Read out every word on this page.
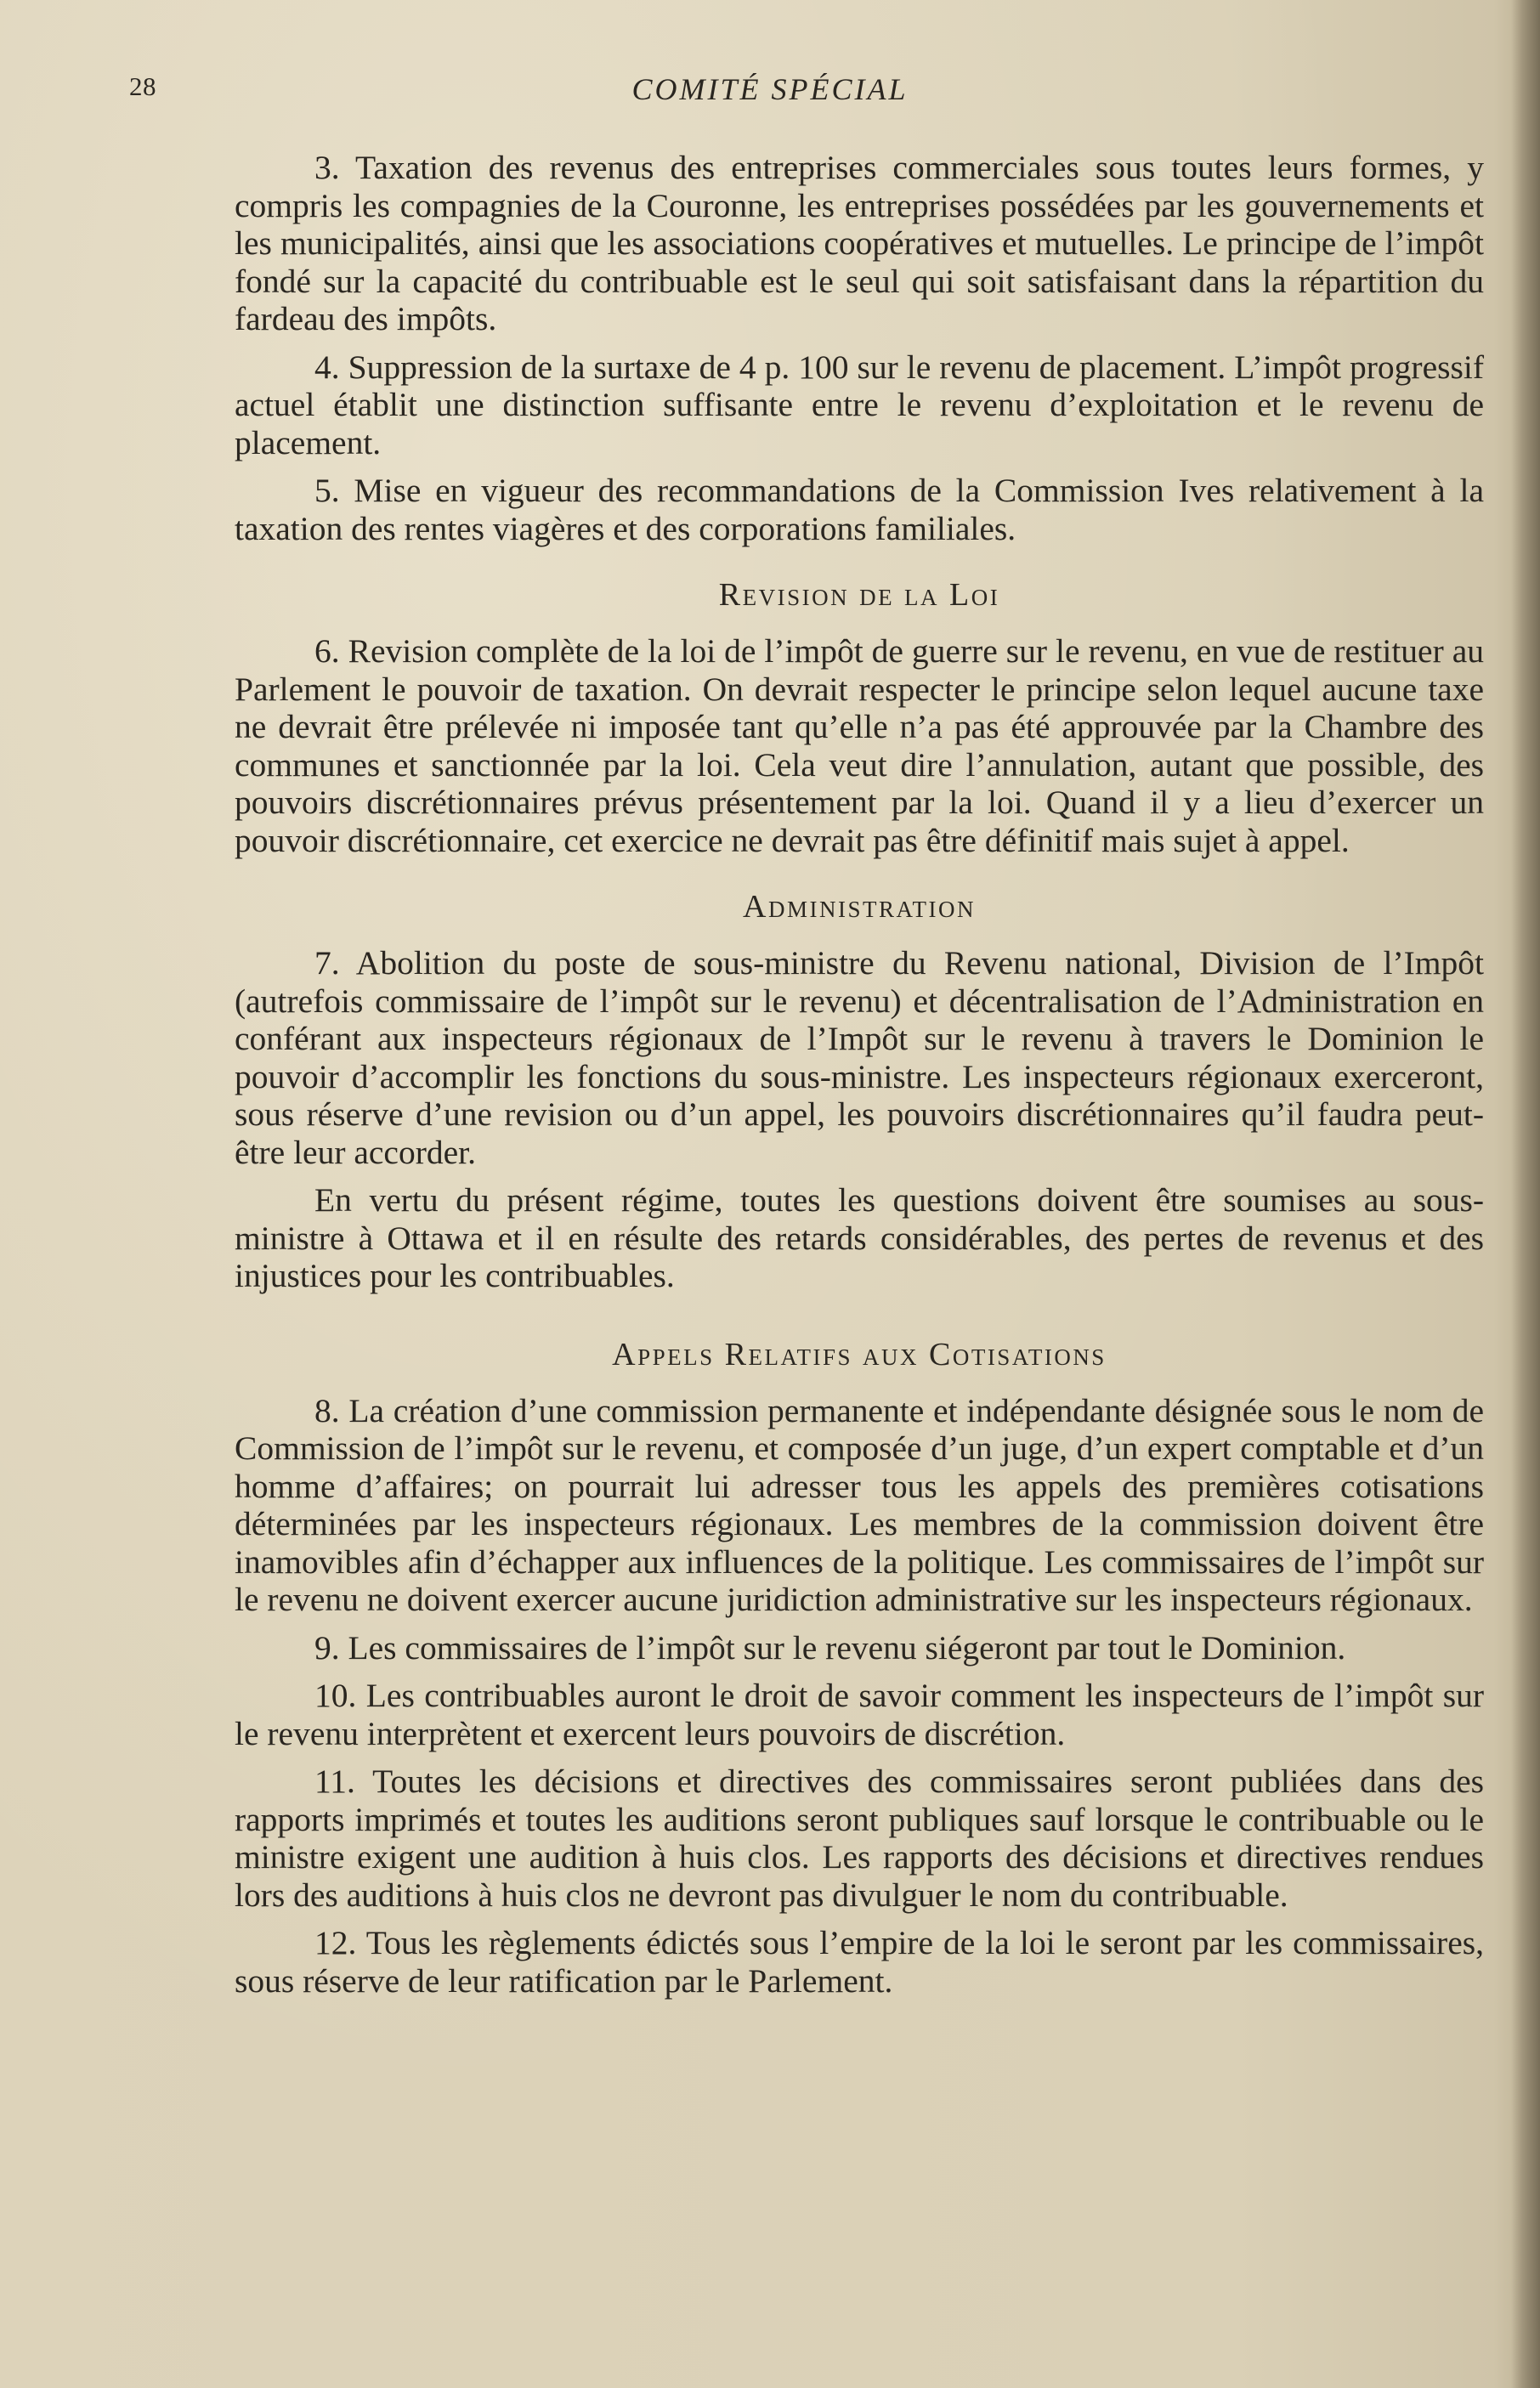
28	COMITÉ SPÉCIAL

3. Taxation des revenus des entreprises commerciales sous toutes leurs formes, y compris les compagnies de la Couronne, les entreprises possédées par les gouvernements et les municipalités, ainsi que les associations coopératives et mutuelles. Le principe de l’impôt fondé sur la capacité du contribuable est le seul qui soit satisfaisant dans la répartition du fardeau des impôts.

4. Suppression de la surtaxe de 4 p. 100 sur le revenu de placement. L’impôt progressif actuel établit une distinction suffisante entre le revenu d’exploitation et le revenu de placement.

5. Mise en vigueur des recommandations de la Commission Ives relativement à la taxation des rentes viagères et des corporations familiales.

Revision de la Loi

6. Revision complète de la loi de l’impôt de guerre sur le revenu, en vue de restituer au Parlement le pouvoir de taxation. On devrait respecter le principe selon lequel aucune taxe ne devrait être prélevée ni imposée tant qu’elle n’a pas été approuvée par la Chambre des communes et sanctionnée par la loi. Cela veut dire l’annulation, autant que possible, des pouvoirs discrétionnaires prévus présentement par la loi. Quand il y a lieu d’exercer un pouvoir discrétionnaire, cet exercice ne devrait pas être définitif mais sujet à appel.

Administration

7. Abolition du poste de sous-ministre du Revenu national, Division de l’Impôt (autrefois commissaire de l’impôt sur le revenu) et décentralisation de l’Administration en conférant aux inspecteurs régionaux de l’Impôt sur le revenu à travers le Dominion le pouvoir d’accomplir les fonctions du sous-ministre. Les inspecteurs régionaux exerceront, sous réserve d’une revision ou d’un appel, les pouvoirs discrétionnaires qu’il faudra peut-être leur accorder.

En vertu du présent régime, toutes les questions doivent être soumises au sous-ministre à Ottawa et il en résulte des retards considérables, des pertes de revenus et des injustices pour les contribuables.

Appels Relatifs aux Cotisations

8. La création d’une commission permanente et indépendante désignée sous le nom de Commission de l’impôt sur le revenu, et composée d’un juge, d’un expert comptable et d’un homme d’affaires; on pourrait lui adresser tous les appels des premières cotisations déterminées par les inspecteurs régionaux. Les membres de la commission doivent être inamovibles afin d’échapper aux influences de la politique. Les commissaires de l’impôt sur le revenu ne doivent exercer aucune juridiction administrative sur les inspecteurs régionaux.

9. Les commissaires de l’impôt sur le revenu siégeront par tout le Dominion.

10. Les contribuables auront le droit de savoir comment les inspecteurs de l’impôt sur le revenu interprètent et exercent leurs pouvoirs de discrétion.

11. Toutes les décisions et directives des commissaires seront publiées dans des rapports imprimés et toutes les auditions seront publiques sauf lorsque le contribuable ou le ministre exigent une audition à huis clos. Les rapports des décisions et directives rendues lors des auditions à huis clos ne devront pas divulguer le nom du contribuable.

12. Tous les règlements édictés sous l’empire de la loi le seront par les commissaires, sous réserve de leur ratification par le Parlement.
